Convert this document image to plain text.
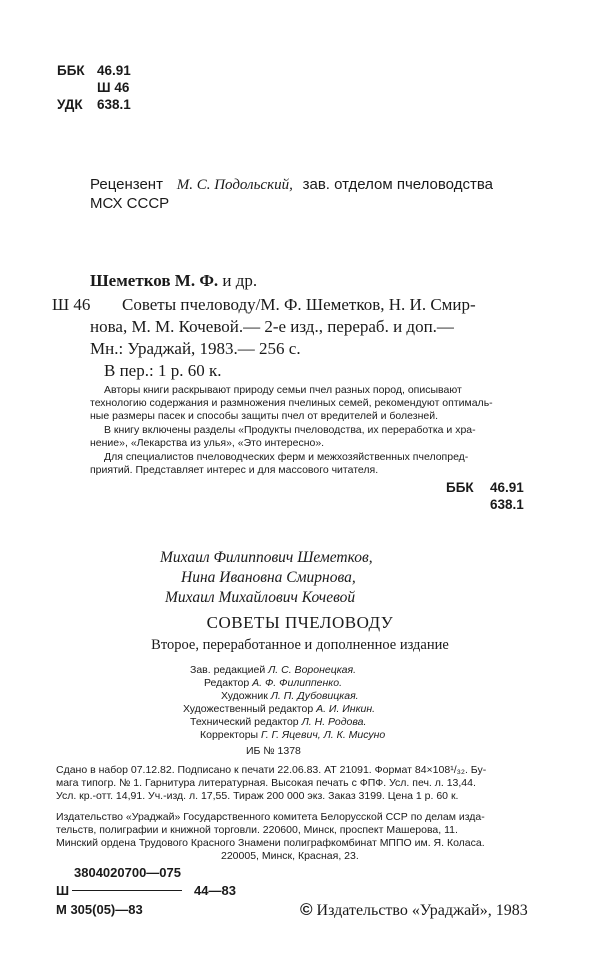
ББК 46.91
Ш 46
УДК 638.1
Рецензент М. С. Подольский, зав. отделом пчеловодства
МСХ СССР
Шеметков М. Ф. и др.
Ш 46 Советы пчеловоду/М. Ф. Шеметков, Н. И. Смир-
нова, М. М. Кочевой.— 2-е изд., перераб. и доп.—
Мн.: Ураджай, 1983.— 256 с.
В пер.: 1 р. 60 к.
Авторы книги раскрывают природу семьи пчел разных пород, описывают
технологию содержания и размножения пчелиных семей, рекомендуют оптималь-
ные размеры пасек и способы защиты пчел от вредителей и болезней.
В книгу включены разделы «Продукты пчеловодства, их переработка и хра-
нение», «Лекарства из улья», «Это интересно».
Для специалистов пчеловодческих ферм и межхозяйственных пчелопред-
приятий. Представляет интерес и для массового читателя.
ББК 46.91
638.1
Михаил Филиппович Шеметков,
Нина Ивановна Смирнова,
Михаил Михайлович Кочевой
СОВЕТЫ ПЧЕЛОВОДУ
Второе, переработанное и дополненное издание
Зав. редакцией Л. С. Воронецкая.
Редактор А. Ф. Филиппенко.
Художник Л. П. Дубовицкая.
Художественный редактор А. И. Инкин.
Технический редактор Л. Н. Родова.
Корректоры Г. Г. Яцевич, Л. К. Мисуно
ИБ № 1378
Сдано в набор 07.12.82. Подписано к печати 22.06.83. АТ 21091. Формат 84×108¹/₃₂. Бу-
мага типогр. № 1. Гарнитура литературная. Высокая печать с ФПФ. Усл. печ. л. 13,44.
Усл. кр.-отт. 14,91. Уч.-изд. л. 17,55. Тираж 200 000 экз. Заказ 3199. Цена 1 р. 60 к.
Издательство «Ураджай» Государственного комитета Белорусской ССР по делам изда-
тельств, полиграфии и книжной торговли. 220600, Минск, проспект Машерова, 11.
Минский ордена Трудового Красного Знамени полиграфкомбинат МППО им. Я. Коласа.
220005, Минск, Красная, 23.
3804020700—075
Ш	44—83
М 305(05)—83	© Издательство «Ураджай», 1983
